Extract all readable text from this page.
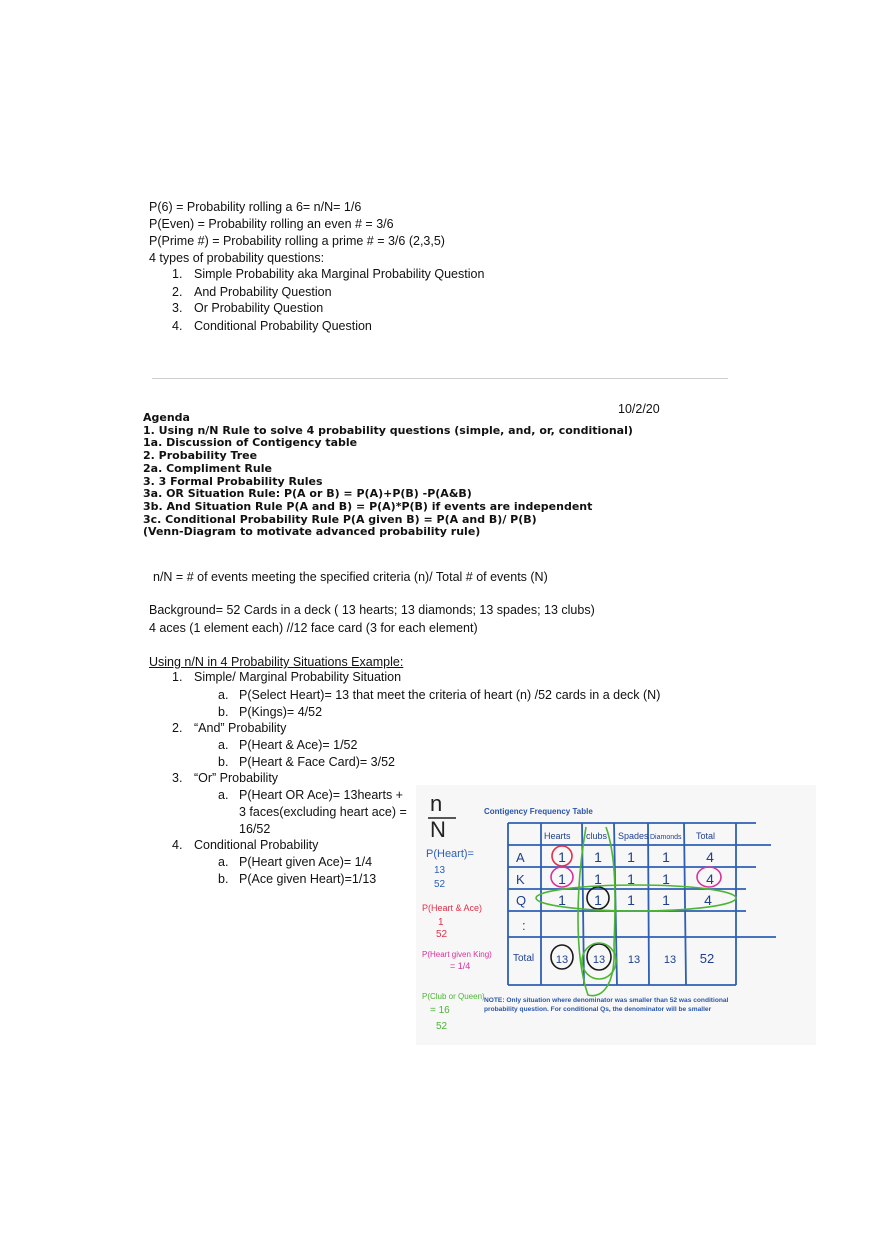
P(6) = Probability rolling a 6= n/N= 1/6
P(Even) = Probability rolling an even # = 3/6
P(Prime #) = Probability rolling a prime # = 3/6 (2,3,5)
4 types of probability questions:
1. Simple Probability aka Marginal Probability Question
2. And Probability Question
3. Or Probability Question
4. Conditional Probability Question
10/2/20
Agenda
1. Using n/N Rule to solve 4 probability questions (simple, and, or, conditional)
1a. Discussion of Contigency table
2. Probability Tree
2a. Compliment Rule
3. 3 Formal Probability Rules
3a. OR Situation Rule: P(A or B) = P(A)+P(B) -P(A&B)
3b. And Situation Rule P(A and B) = P(A)*P(B) if events are independent
3c. Conditional Probability Rule P(A given B) = P(A and B)/ P(B)
(Venn-Diagram to motivate advanced probability rule)
n/N = # of events meeting the specified criteria (n)/ Total # of events (N)
Background= 52 Cards in a deck ( 13 hearts; 13 diamonds; 13 spades; 13 clubs)
4 aces (1 element each) //12 face card (3 for each element)
Using n/N in 4 Probability Situations Example:
1. Simple/ Marginal Probability Situation
a. P(Select Heart)= 13 that meet the criteria of heart (n) /52 cards in a deck (N)
b. P(Kings)= 4/52
2. “And” Probability
a. P(Heart & Ace)= 1/52
b. P(Heart & Face Card)= 3/52
3. “Or” Probability
a. P(Heart OR Ace)= 13hearts +
3 faces(excluding heart ace) =
16/52
4. Conditional Probability
a. P(Heart given Ace)= 1/4
b. P(Ace given Heart)=1/13
n
N
Contigency Frequency Table
Hearts clubs Spades Diamonds Total
A
K
Q
:
Total
1 1 1 1	4
1 1 1 1	4
1 1 1 1 4
13 13 13 13 52
P(Heart)=
13
52
P(Heart & Ace)
1
52
P(Heart given King)
= 1/4
P(Club or Queen)
= 16
52
NOTE: Only situation where denominator was smaller than 52 was conditional
probability question. For conditional Qs, the denominator will be smaller
